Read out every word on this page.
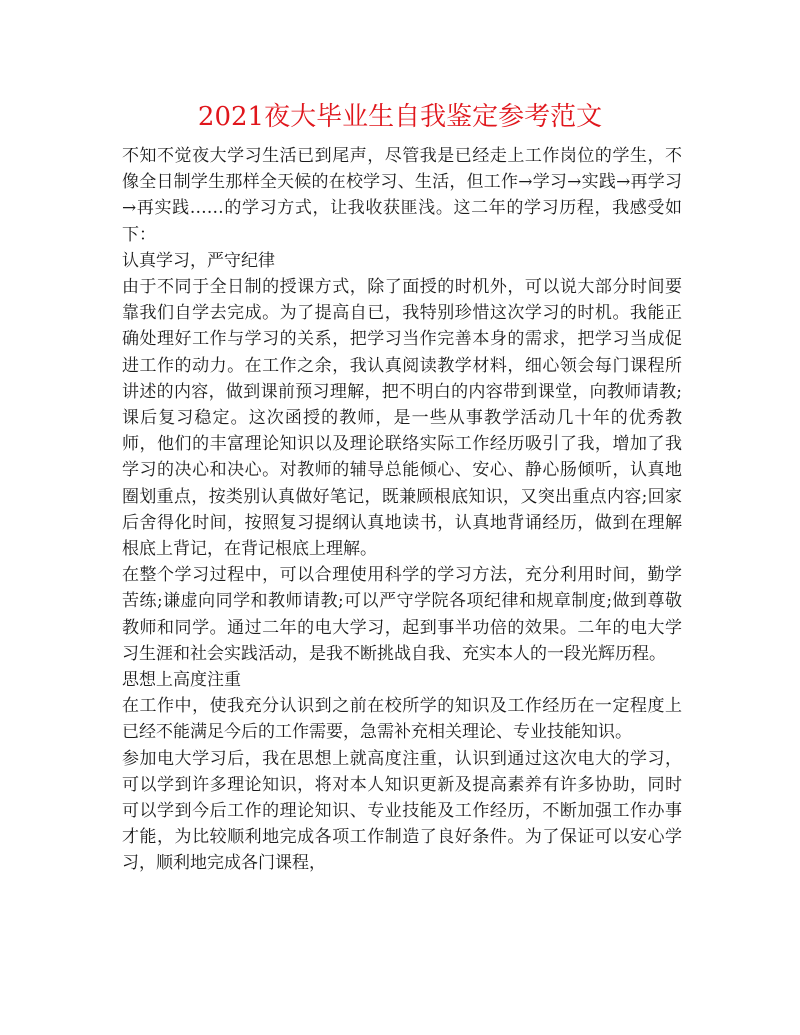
2021夜大毕业生自我鉴定参考范文

不知不觉夜大学习生活已到尾声，尽管我是已经走上工作岗位的学生，不像全日制学生那样全天候的在校学习、生活，但工作→学习→实践→再学习→再实践……的学习方式，让我收获匪浅。这二年的学习历程，我感受如下：

认真学习，严守纪律

由于不同于全日制的授课方式，除了面授的时机外，可以说大部分时间要靠我们自学去完成。为了提高自已，我特别珍惜这次学习的时机。我能正确处理好工作与学习的关系，把学习当作完善本身的需求，把学习当成促进工作的动力。在工作之余，我认真阅读教学材料，细心领会每门课程所讲述的内容，做到课前预习理解，把不明白的内容带到课堂，向教师请教;课后复习稳定。这次函授的教师，是一些从事教学活动几十年的优秀教师，他们的丰富理论知识以及理论联络实际工作经历吸引了我，增加了我学习的决心和决心。对教师的辅导总能倾心、安心、静心肠倾听，认真地圈划重点，按类别认真做好笔记，既兼顾根底知识，又突出重点内容;回家后舍得化时间，按照复习提纲认真地读书，认真地背诵经历，做到在理解根底上背记，在背记根底上理解。

在整个学习过程中，可以合理使用科学的学习方法，充分利用时间，勤学苦练;谦虚向同学和教师请教;可以严守学院各项纪律和规章制度;做到尊敬教师和同学。通过二年的电大学习，起到事半功倍的效果。二年的电大学习生涯和社会实践活动，是我不断挑战自我、充实本人的一段光辉历程。

思想上高度注重

在工作中，使我充分认识到之前在校所学的知识及工作经历在一定程度上已经不能满足今后的工作需要，急需补充相关理论、专业技能知识。

参加电大学习后，我在思想上就高度注重，认识到通过这次电大的学习，可以学到许多理论知识，将对本人知识更新及提高素养有许多协助，同时可以学到今后工作的理论知识、专业技能及工作经历，不断加强工作办事才能，为比较顺利地完成各项工作制造了良好条件。为了保证可以安心学习，顺利地完成各门课程，
